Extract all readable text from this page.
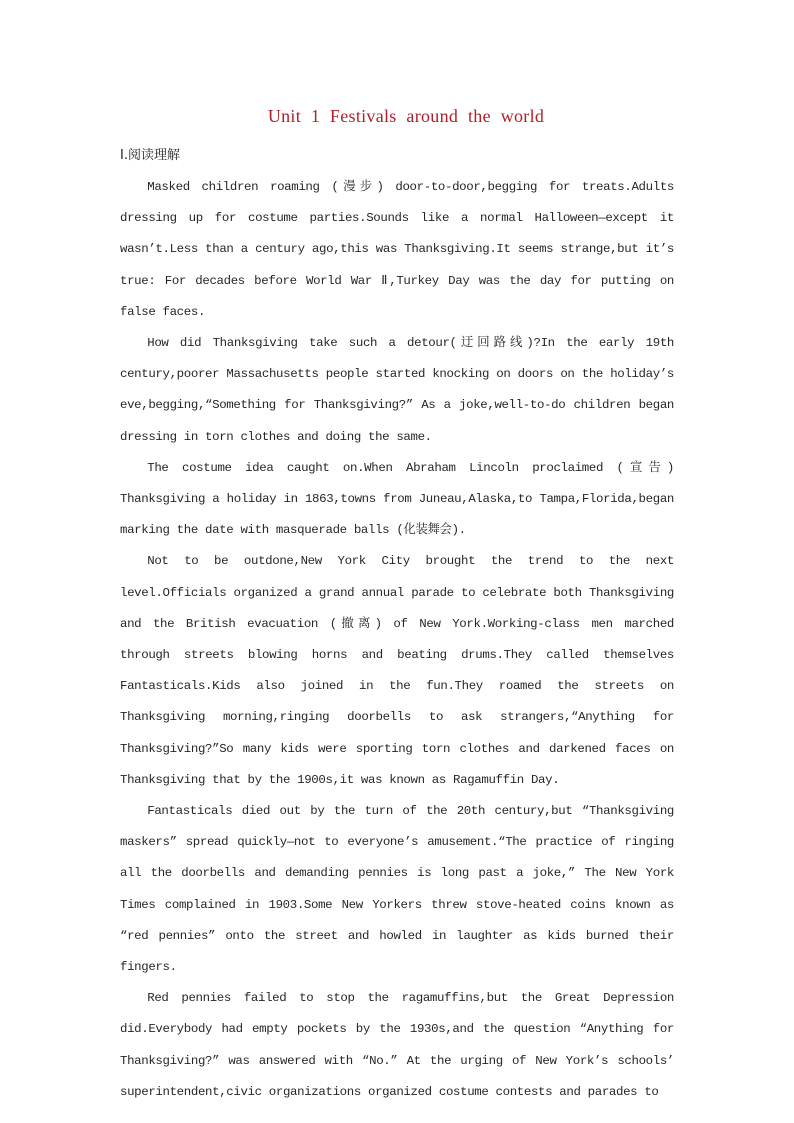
Unit 1 Festivals around the world
Ⅰ.阅读理解

Masked children roaming (漫步) door-to-door,begging for treats.Adults dressing up for costume parties.Sounds like a normal Halloween—except it wasn’t.Less than a century ago,this was Thanksgiving.It seems strange,but it’s true: For decades before World War Ⅱ,Turkey Day was the day for putting on false faces.

How did Thanksgiving take such a detour(迂回路线)?In the early 19th century,poorer Massachusetts people started knocking on doors on the holiday’s eve,begging,“Something for Thanksgiving?” As a joke,well-to-do children began dressing in torn clothes and doing the same.

The costume idea caught on.When Abraham Lincoln proclaimed (宣告) Thanksgiving a holiday in 1863,towns from Juneau,Alaska,to Tampa,Florida,began marking the date with masquerade balls (化装舞会).

Not to be outdone,New York City brought the trend to the next level.Officials organized a grand annual parade to celebrate both Thanksgiving and the British evacuation (撤离) of New York.Working-class men marched through streets blowing horns and beating drums.They called themselves Fantasticals.Kids also joined in the fun.They roamed the streets on Thanksgiving morning,ringing doorbells to ask strangers,“Anything for Thanksgiving?”So many kids were sporting torn clothes and darkened faces on Thanksgiving that by the 1900s,it was known as Ragamuffin Day.

Fantasticals died out by the turn of the 20th century,but “Thanksgiving maskers” spread quickly—not to everyone’s amusement.“The practice of ringing all the doorbells and demanding pennies is long past a joke,” The New York Times complained in 1903.Some New Yorkers threw stove-heated coins known as “red pennies” onto the street and howled in laughter as kids burned their fingers.

Red pennies failed to stop the ragamuffins,but the Great Depression did.Everybody had empty pockets by the 1930s,and the question “Anything for Thanksgiving?” was answered with “No.” At the urging of New York’s schools’ superintendent,civic organizations organized costume contests and parades to
